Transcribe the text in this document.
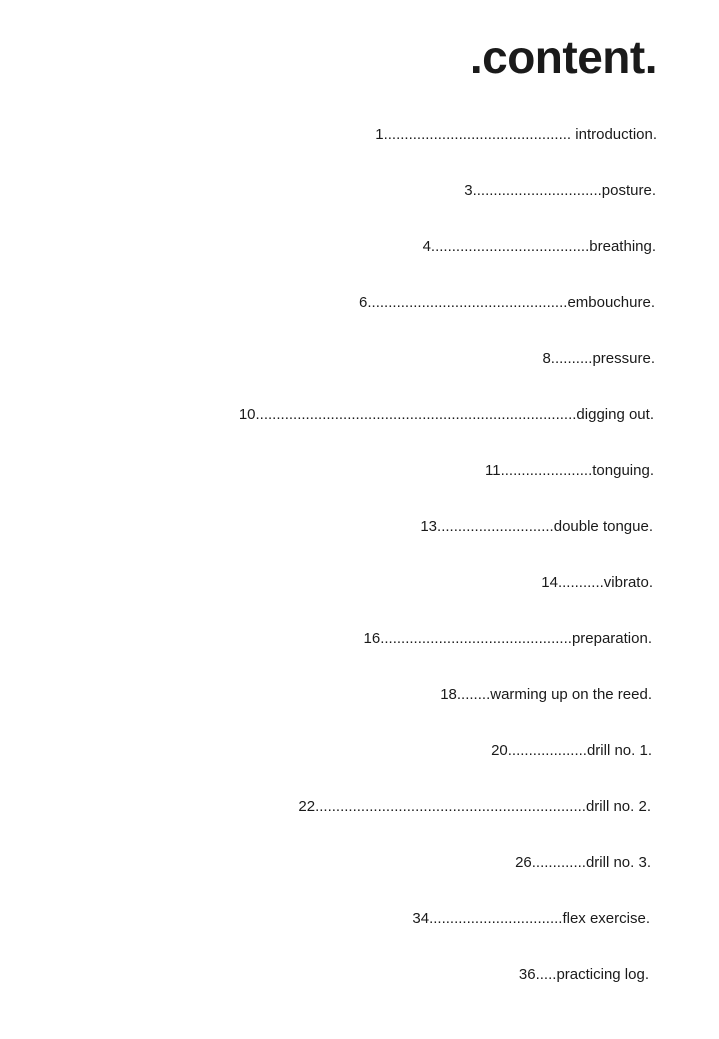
.content.
1............................................. introduction.
3...............................posture.
4......................................breathing.
6................................................embouchure.
8..........pressure.
10.............................................................................digging out.
11......................tonguing.
13............................double tongue.
14...........vibrato.
16..............................................preparation.
18........warming up on the reed.
20...................drill no. 1.
22.................................................................drill no. 2.
26.............drill no. 3.
34................................flex exercise.
36.....practicing log.
